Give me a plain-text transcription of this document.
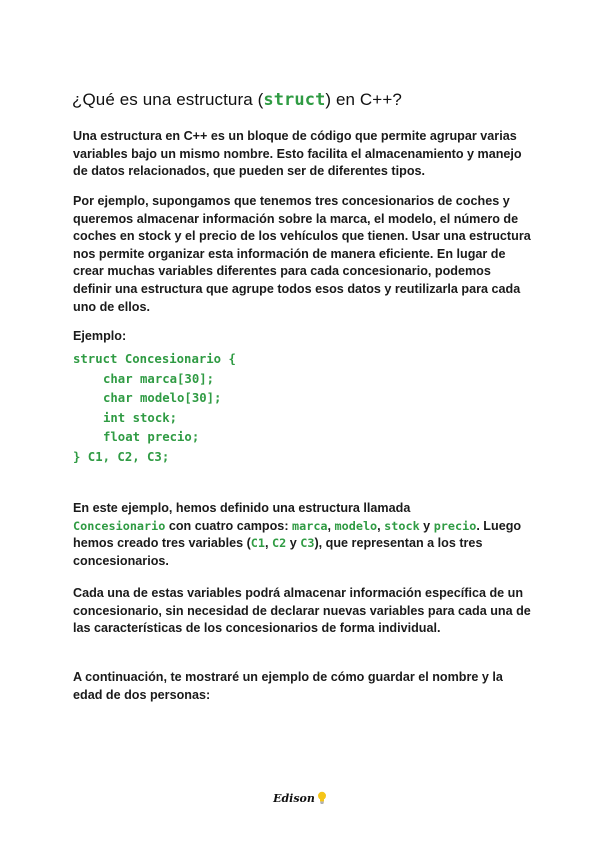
¿Qué es una estructura (struct) en C++?

Una estructura en C++ es un bloque de código que permite agrupar varias variables bajo un mismo nombre. Esto facilita el almacenamiento y manejo de datos relacionados, que pueden ser de diferentes tipos.

Por ejemplo, supongamos que tenemos tres concesionarios de coches y queremos almacenar información sobre la marca, el modelo, el número de coches en stock y el precio de los vehículos que tienen. Usar una estructura nos permite organizar esta información de manera eficiente. En lugar de crear muchas variables diferentes para cada concesionario, podemos definir una estructura que agrupe todos esos datos y reutilizarla para cada uno de ellos.

Ejemplo:

struct Concesionario {
char marca[30];
char modelo[30];
int stock;
float precio;
} C1, C2, C3;

En este ejemplo, hemos definido una estructura llamada
Concesionario con cuatro campos: marca, modelo, stock y precio. Luego hemos creado tres variables (C1, C2 y C3), que representan a los tres concesionarios.

Cada una de estas variables podrá almacenar información específica de un concesionario, sin necesidad de declarar nuevas variables para cada una de las características de los concesionarios de forma individual.

A continuación, te mostraré un ejemplo de cómo guardar el nombre y la edad de dos personas:

Edison
